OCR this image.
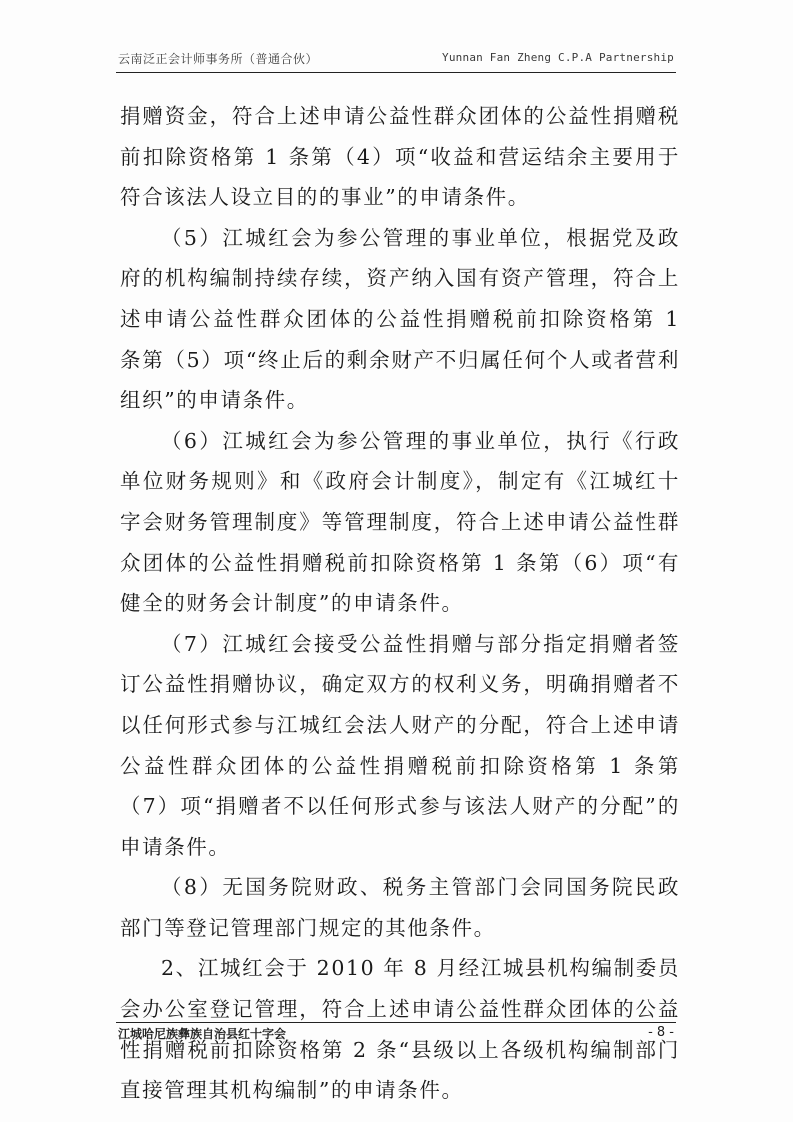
云南泛正会计师事务所（普通合伙）	Yunnan Fan Zheng C.P.A Partnership

捐赠资金，符合上述申请公益性群众团体的公益性捐赠税前扣除资格第 1 条第（4）项“收益和营运结余主要用于符合该法人设立目的的事业”的申请条件。

（5）江城红会为参公管理的事业单位，根据党及政府的机构编制持续存续，资产纳入国有资产管理，符合上述申请公益性群众团体的公益性捐赠税前扣除资格第 1 条第（5）项“终止后的剩余财产不归属任何个人或者营利组织”的申请条件。

（6）江城红会为参公管理的事业单位，执行《行政单位财务规则》和《政府会计制度》，制定有《江城红十字会财务管理制度》等管理制度，符合上述申请公益性群众团体的公益性捐赠税前扣除资格第 1 条第（6）项“有健全的财务会计制度”的申请条件。

（7）江城红会接受公益性捐赠与部分指定捐赠者签订公益性捐赠协议，确定双方的权利义务，明确捐赠者不以任何形式参与江城红会法人财产的分配，符合上述申请公益性群众团体的公益性捐赠税前扣除资格第 1 条第（7）项“捐赠者不以任何形式参与该法人财产的分配”的申请条件。

（8）无国务院财政、税务主管部门会同国务院民政部门等登记管理部门规定的其他条件。

2、江城红会于 2010 年 8 月经江城县机构编制委员会办公室登记管理，符合上述申请公益性群众团体的公益性捐赠税前扣除资格第 2 条“县级以上各级机构编制部门直接管理其机构编制”的申请条件。

江城哈尼族彝族自治县红十字会	- 8 -
